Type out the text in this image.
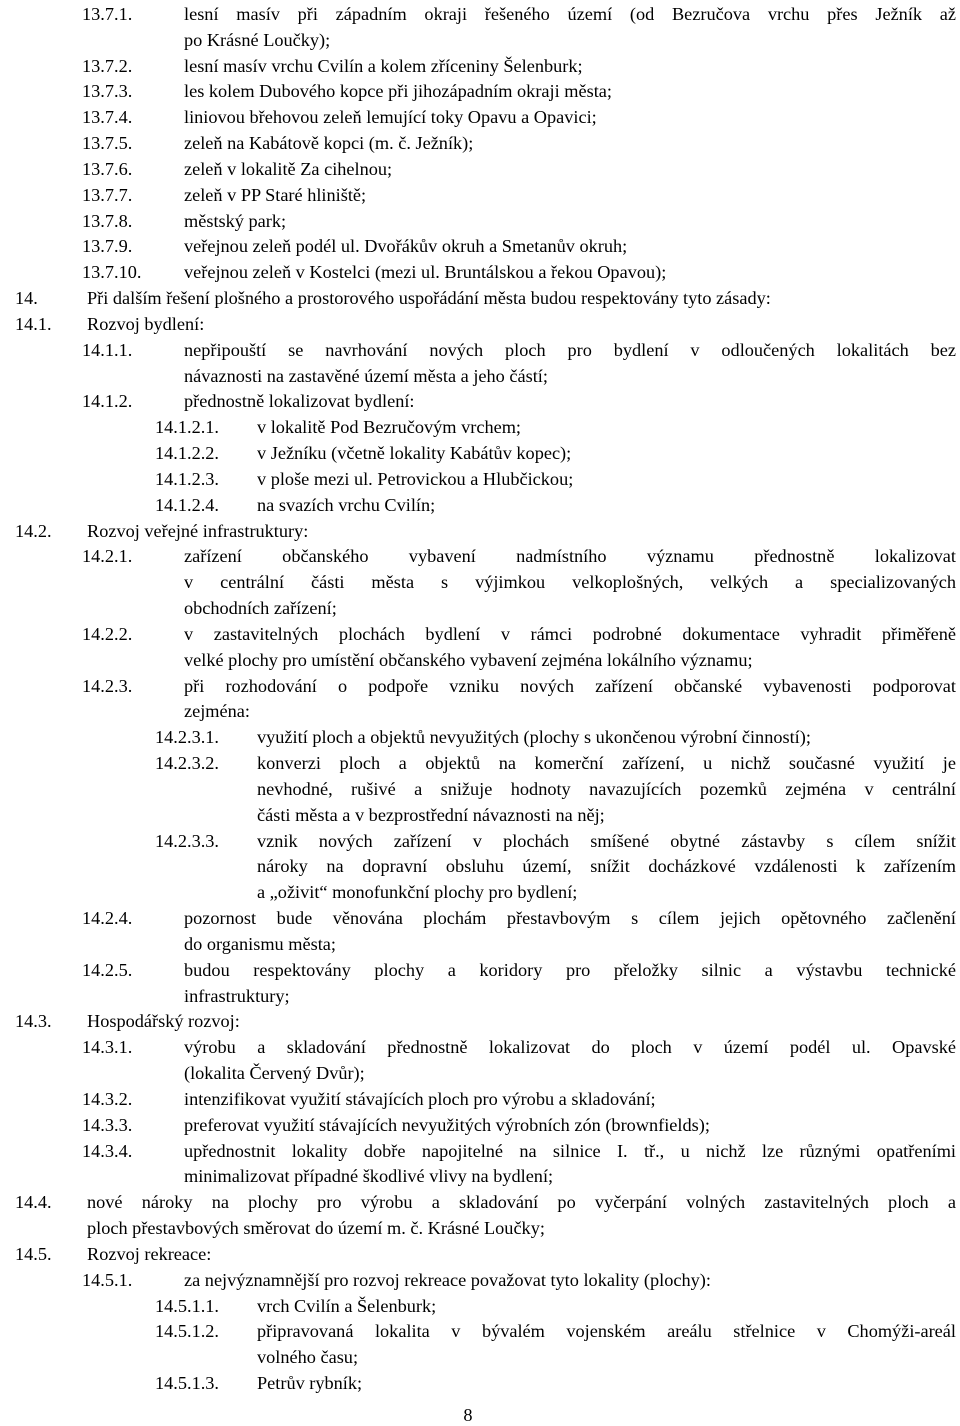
13.7.1.	lesní masív při západním okraji řešeného území (od Bezručova vrchu přes Ježník až
po Krásné Loučky);
13.7.2.	lesní masív vrchu Cvilín a kolem zříceniny Šelenburk;
13.7.3.	les kolem Dubového kopce při jihozápadním okraji města;
13.7.4.	liniovou břehovou zeleň lemující toky Opavu a Opavici;
13.7.5.	zeleň na Kabátově kopci (m. č. Ježník);
13.7.6.	zeleň v lokalitě Za cihelnou;
13.7.7.	zeleň v PP Staré hliniště;
13.7.8.	městský park;
13.7.9.	veřejnou zeleň podél ul. Dvořákův okruh a Smetanův okruh;
13.7.10. veřejnou zeleň v Kostelci (mezi ul. Bruntálskou a řekou Opavou);
14.	Při dalším řešení plošného a prostorového uspořádání města budou respektovány tyto zásady:
14.1. Rozvoj bydlení:
14.1.1.	nepřipouští se navrhování nových ploch pro bydlení v odloučených lokalitách bez
návaznosti na zastavěné území města a jeho částí;
14.1.2.	přednostně lokalizovat bydlení:
14.1.2.1. v lokalitě Pod Bezručovým vrchem;
14.1.2.2. v Ježníku (včetně lokality Kabátův kopec);
14.1.2.3. v ploše mezi ul. Petrovickou a Hlubčickou;
14.1.2.4. na svazích vrchu Cvilín;
14.2. Rozvoj veřejné infrastruktury:
14.2.1.	zařízení občanského vybavení nadmístního významu přednostně lokalizovat
v centrální části města s výjimkou velkoplošných, velkých a specializovaných
obchodních zařízení;
14.2.2.	v zastavitelných plochách bydlení v rámci podrobné dokumentace vyhradit přiměřeně
velké plochy pro umístění občanského vybavení zejména lokálního významu;
14.2.3.	při rozhodování o podpoře vzniku nových zařízení občanské vybavenosti podporovat
zejména:
14.2.3.1. využití ploch a objektů nevyužitých (plochy s ukončenou výrobní činností);
14.2.3.2. konverzi ploch a objektů na komerční zařízení, u nichž současné využití je
nevhodné, rušivé a snižuje hodnoty navazujících pozemků zejména v centrální
části města a v bezprostřední návaznosti na něj;
14.2.3.3. vznik nových zařízení v plochách smíšené obytné zástavby s cílem snížit
nároky na dopravní obsluhu území, snížit docházkové vzdálenosti k zařízením
a „oživit“ monofunkční plochy pro bydlení;
14.2.4.	pozornost bude věnována plochám přestavbovým s cílem jejich opětovného začlenění
do organismu města;
14.2.5.	budou respektovány plochy a koridory pro přeložky silnic a výstavbu technické
infrastruktury;
14.3. Hospodářský rozvoj:
14.3.1.	výrobu a skladování přednostně lokalizovat do ploch v území podél ul. Opavské
(lokalita Červený Dvůr);
14.3.2.	intenzifikovat využití stávajících ploch pro výrobu a skladování;
14.3.3.	preferovat využití stávajících nevyužitých výrobních zón (brownfields);
14.3.4.	upřednostnit lokality dobře napojitelné na silnice I. tř., u nichž lze různými opatřeními
minimalizovat případné škodlivé vlivy na bydlení;
14.4. nové nároky na plochy pro výrobu a skladování po vyčerpání volných zastavitelných ploch a
ploch přestavbových směrovat do území m. č. Krásné Loučky;
14.5. Rozvoj rekreace:
14.5.1.	za nejvýznamnější pro rozvoj rekreace považovat tyto lokality (plochy):
14.5.1.1. vrch Cvilín a Šelenburk;
14.5.1.2. připravovaná lokalita v bývalém vojenském areálu střelnice v Chomýži-areál
volného času;
14.5.1.3. Petrův rybník;
8
